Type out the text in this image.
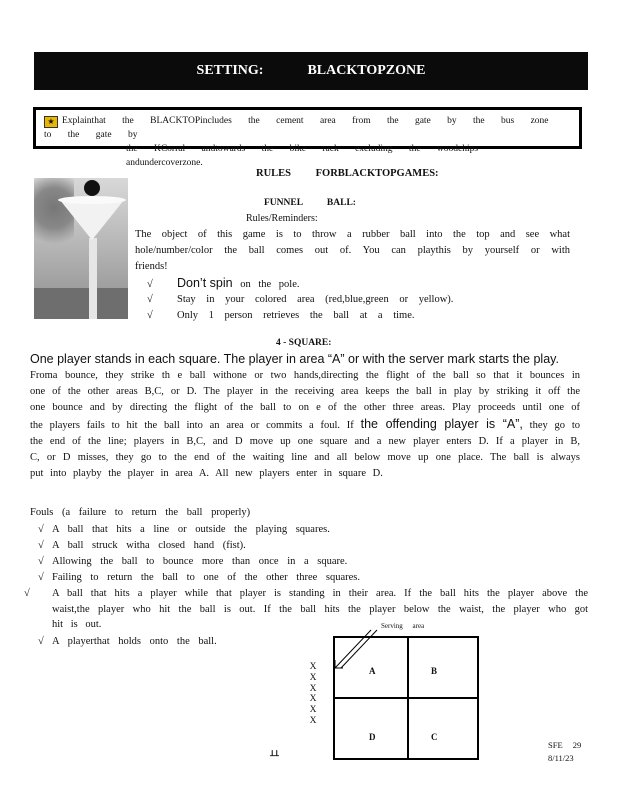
SETTING:	BLACKTOPZONE
★ Explainthat the BLACKTOPincludes the cement area from the gate by the bus zone to the gate by
the KCorral andtowards the bike rack excluding the woodchips andundercoverzone.
RULES FORBLACKTOPGAMES:
FUNNEL BALL:
Rules/Reminders:
The object of this game is to throw a rubber ball into the top and see what hole/number/color the ball comes out of. You can playthis by yourself or with friends!
√ Don’t spin on the pole.
√ Stay in your colored area (red,blue,green or yellow).
√ Only 1 person retrieves the ball at a time.
4 - SQUARE:
One player stands in each square. The player in area “A” or with the server mark starts the play.
Froma bounce, they strike th e ball withone or two hands,directing the flight of the ball so that it bounces in one of the other areas B,C, or D. The player in the receiving area keeps the ball in play by striking it off the one bounce and by directing the flight of the ball to on e of the other three areas. Play proceeds until one of the players fails to hit the ball into an area or commits a foul. If the offending player is “A”, they go to the end of the line; players in B,C, and D move up one square and a new player enters D. If a player in B, C, or D misses, they go to the end of the waiting line and all below move up one place. The ball is always put into playby the player in area A. All new players enter in square D.
Fouls (a failure to return the ball properly)
√ A ball that hits a line or outside the playing squares.
√ A ball struck witha closed hand (fist).
√ Allowing the ball to bounce more than once in a square.
√ Failing to return the ball to one of the other three squares.
√ A ball that hits a player while that player is standing in their area. If the ball hits the player above the waist,the player who hit the ball is out. If the ball hits the player below the waist, the player who got hit is out.
√ A playerthat holds onto the ball.
Serving area
A	B
D	C
X
X
X
X
X
X
ꞱꞱ
SFE 29
8/11/23
